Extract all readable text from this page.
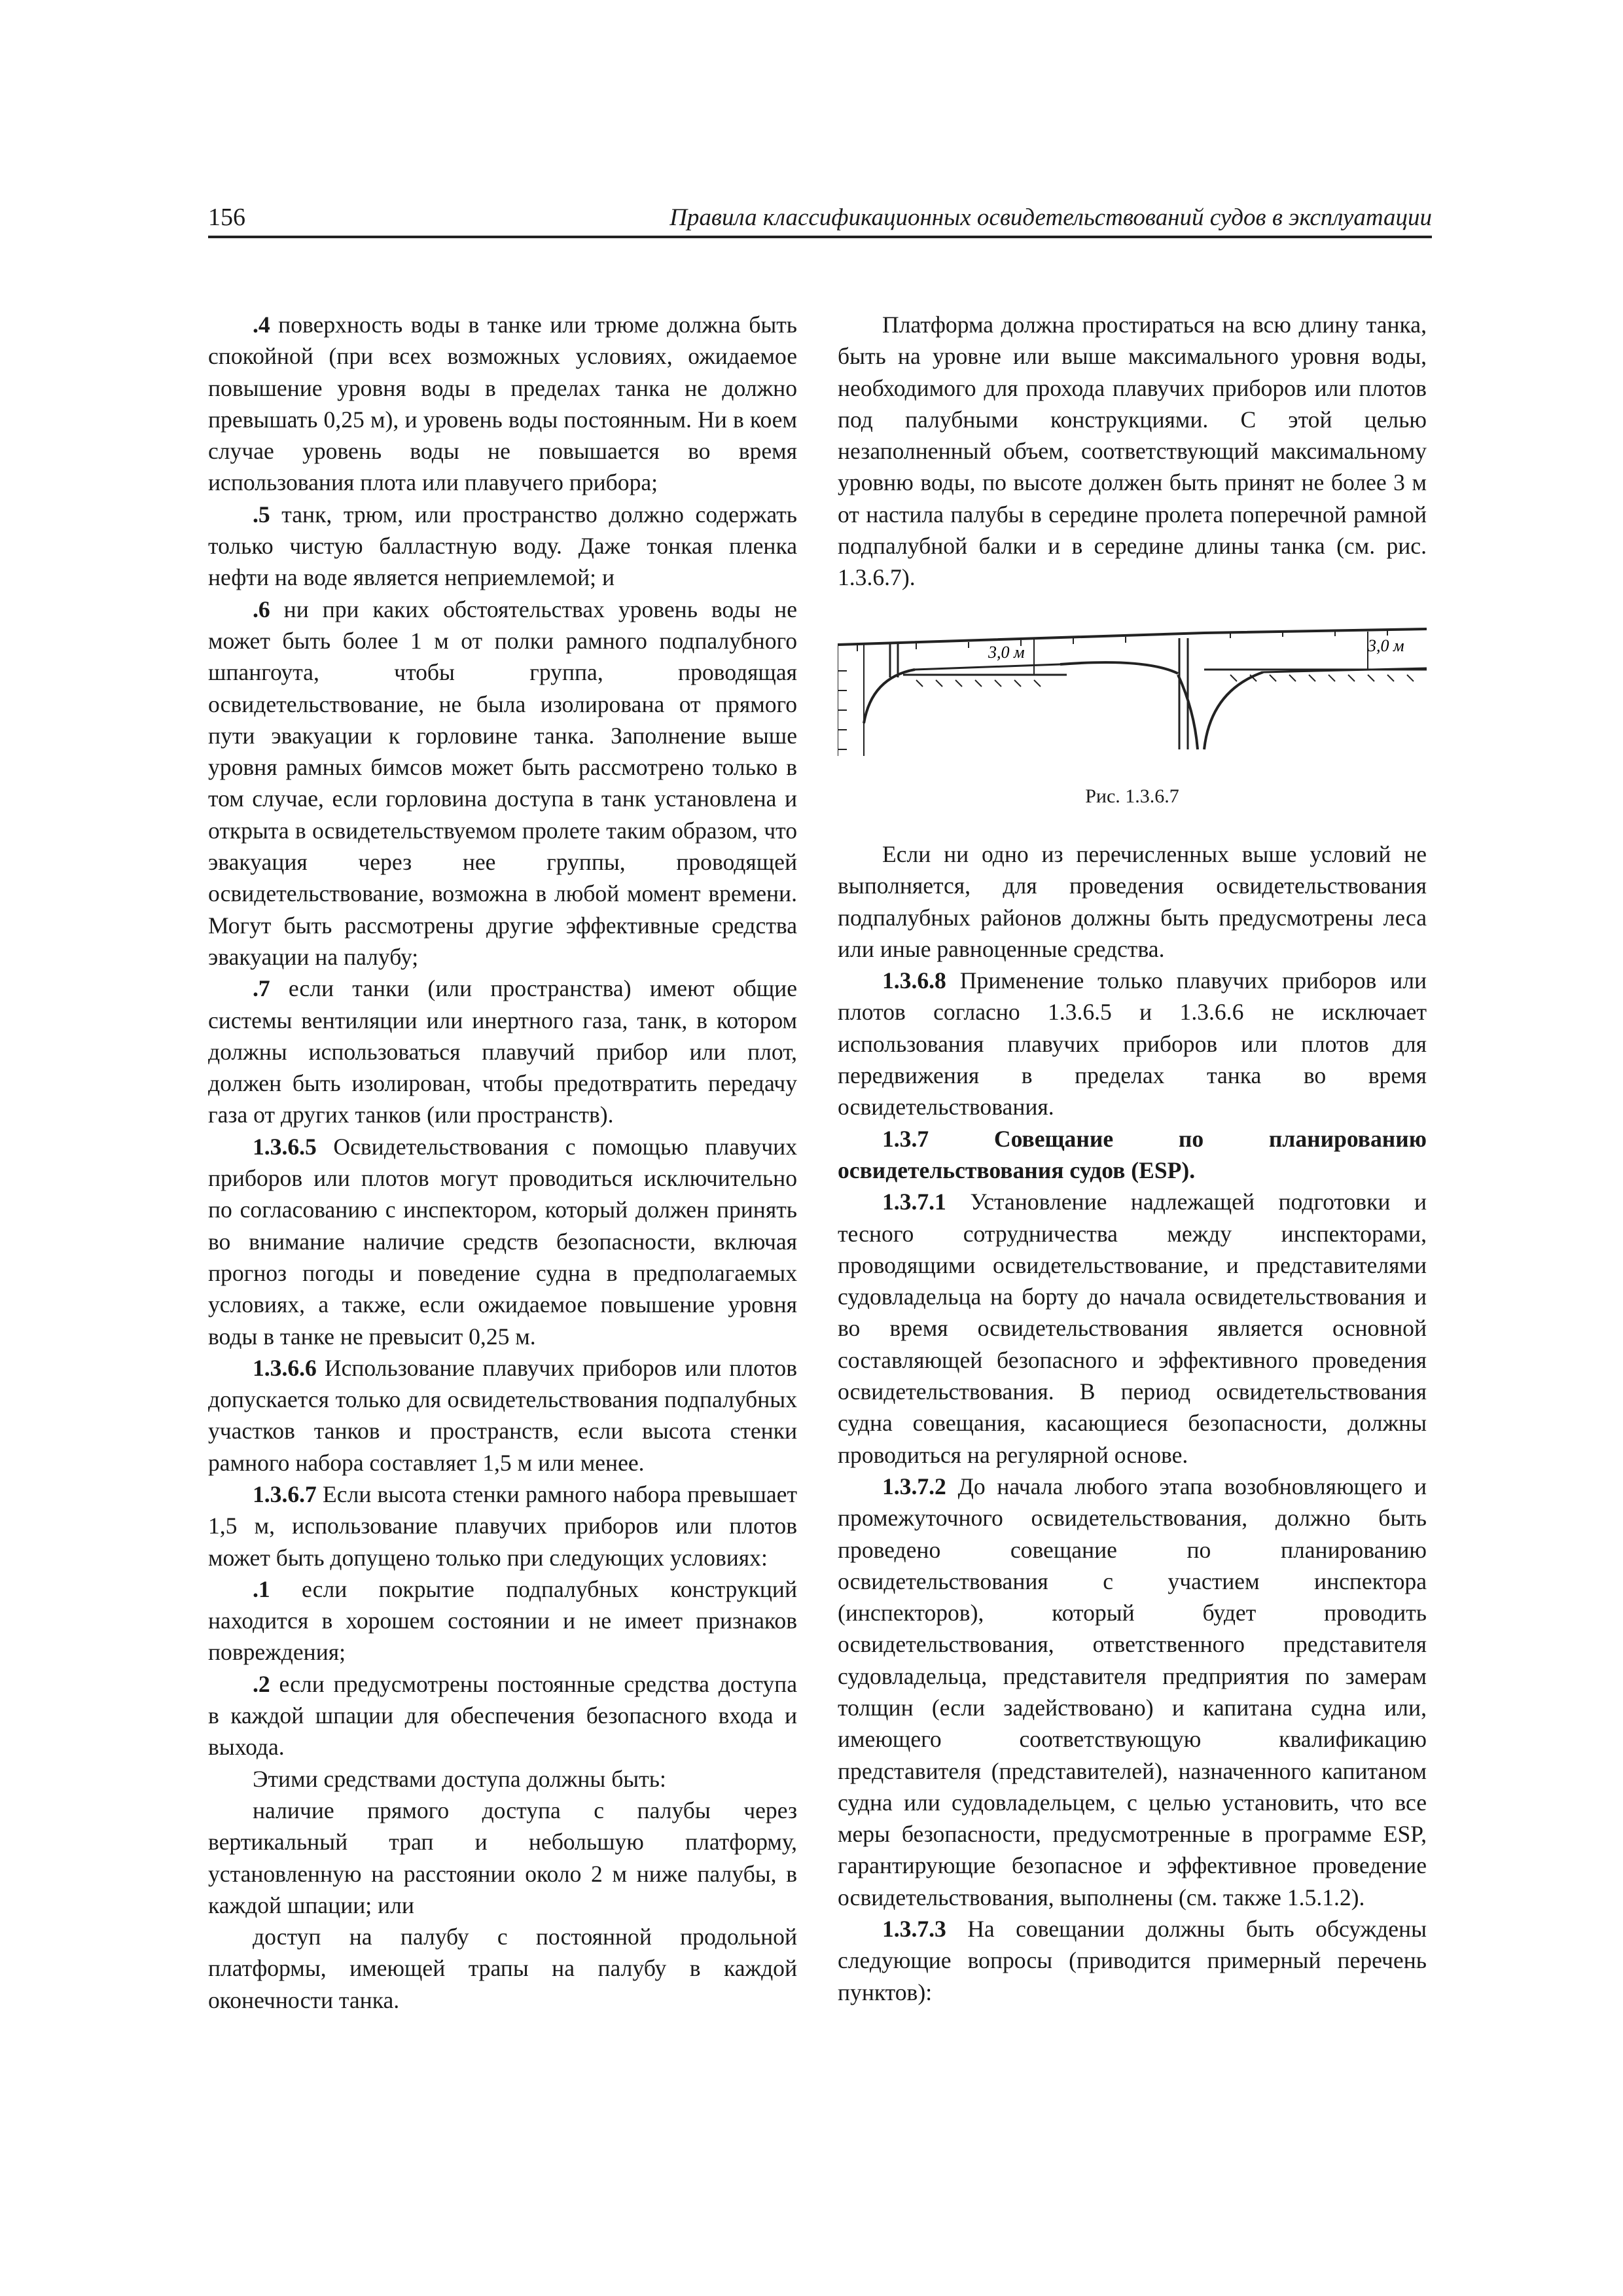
156	Правила классификационных освидетельствований судов в эксплуатации

.4 поверхность воды в танке или трюме должна быть спокойной (при всех возможных условиях, ожидаемое повышение уровня воды в пределах танка не должно превышать 0,25 м), и уровень воды постоянным. Ни в коем случае уровень воды не повышается во время использования плота или плавучего прибора;

.5 танк, трюм, или пространство должно содержать только чистую балластную воду. Даже тонкая пленка нефти на воде является неприемлемой; и

.6 ни при каких обстоятельствах уровень воды не может быть более 1 м от полки рамного подпалубного шпангоута, чтобы группа, проводящая освидетельствование, не была изолирована от прямого пути эвакуации к горловине танка. Заполнение выше уровня рамных бимсов может быть рассмотрено только в том случае, если горловина доступа в танк установлена и открыта в освидетельствуемом пролете таким образом, что эвакуация через нее группы, проводящей освидетельствование, возможна в любой момент времени. Могут быть рассмотрены другие эффективные средства эвакуации на палубу;

.7 если танки (или пространства) имеют общие системы вентиляции или инертного газа, танк, в котором должны использоваться плавучий прибор или плот, должен быть изолирован, чтобы предотвратить передачу газа от других танков (или пространств).

1.3.6.5 Освидетельствования с помощью плавучих приборов или плотов могут проводиться исключительно по согласованию с инспектором, который должен принять во внимание наличие средств безопасности, включая прогноз погоды и поведение судна в предполагаемых условиях, а также, если ожидаемое повышение уровня воды в танке не превысит 0,25 м.

1.3.6.6 Использование плавучих приборов или плотов допускается только для освидетельствования подпалубных участков танков и пространств, если высота стенки рамного набора составляет 1,5 м или менее.

1.3.6.7 Если высота стенки рамного набора превышает 1,5 м, использование плавучих приборов или плотов может быть допущено только при следующих условиях:

.1 если покрытие подпалубных конструкций находится в хорошем состоянии и не имеет признаков повреждения;

.2 если предусмотрены постоянные средства доступа в каждой шпации для обеспечения безопасного входа и выхода.

Этими средствами доступа должны быть:

наличие прямого доступа с палубы через вертикальный трап и небольшую платформу, установленную на расстоянии около 2 м ниже палубы, в каждой шпации; или

доступ на палубу с постоянной продольной платформы, имеющей трапы на палубу в каждой оконечности танка.

Платформа должна простираться на всю длину танка, быть на уровне или выше максимального уровня воды, необходимого для прохода плавучих приборов или плотов под палубными конструкциями. С этой целью незаполненный объем, соответствующий максимальному уровню воды, по высоте должен быть принят не более 3 м от настила палубы в середине пролета поперечной рамной подпалубной балки и в середине длины танка (см. рис. 1.3.6.7).

3,0 м	3,0 м

Рис. 1.3.6.7

Если ни одно из перечисленных выше условий не выполняется, для проведения освидетельствования подпалубных районов должны быть предусмотрены леса или иные равноценные средства.

1.3.6.8 Применение только плавучих приборов или плотов согласно 1.3.6.5 и 1.3.6.6 не исключает использования плавучих приборов или плотов для передвижения в пределах танка во время освидетельствования.

1.3.7 Совещание по планированию освидетельствования судов (ESP).

1.3.7.1 Установление надлежащей подготовки и тесного сотрудничества между инспекторами, проводящими освидетельствование, и представителями судовладельца на борту до начала освидетельствования и во время освидетельствования является основной составляющей безопасного и эффективного проведения освидетельствования. В период освидетельствования судна совещания, касающиеся безопасности, должны проводиться на регулярной основе.

1.3.7.2 До начала любого этапа возобновляющего и промежуточного освидетельствования, должно быть проведено совещание по планированию освидетельствования с участием инспектора (инспекторов), который будет проводить освидетельствования, ответственного представителя судовладельца, представителя предприятия по замерам толщин (если задействовано) и капитана судна или, имеющего соответствующую квалификацию представителя (представителей), назначенного капитаном судна или судовладельцем, с целью установить, что все меры безопасности, предусмотренные в программе ESP, гарантирующие безопасное и эффективное проведение освидетельствования, выполнены (см. также 1.5.1.2).

1.3.7.3 На совещании должны быть обсуждены следующие вопросы (приводится примерный перечень пунктов):
